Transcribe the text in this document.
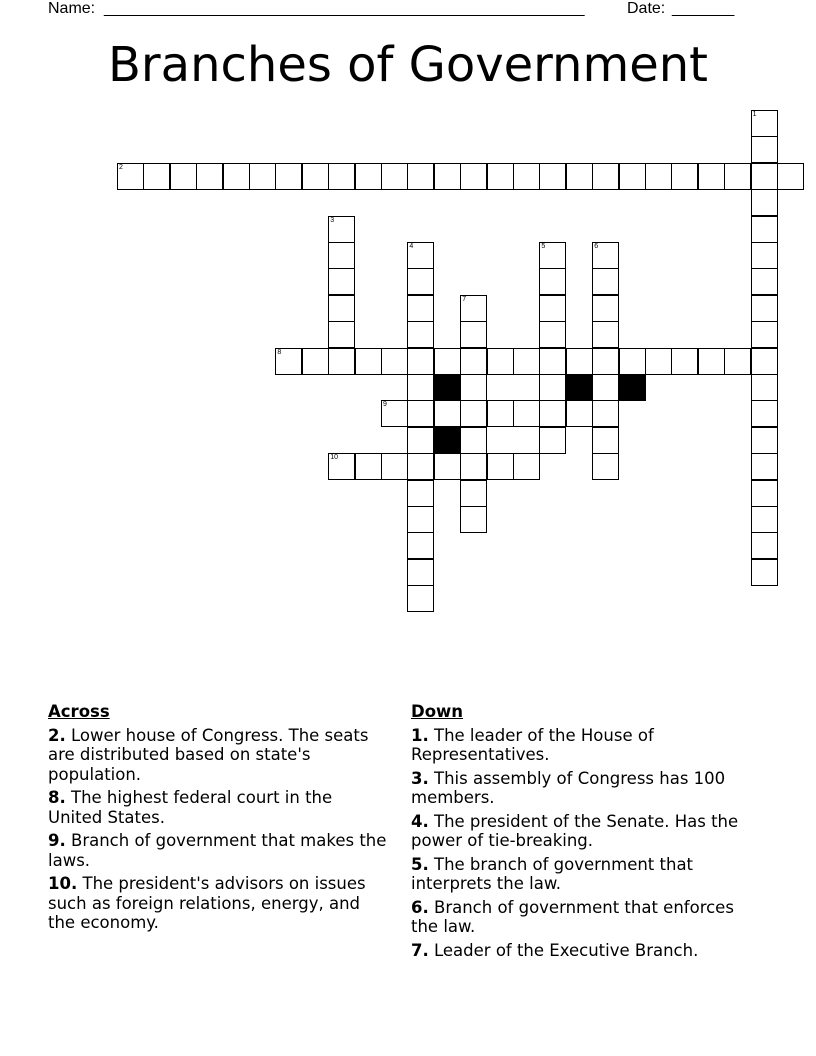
Name: ______________________________________________________	Date: _______
Branches of Government
1
2
3
4	5	6
7
8
9
10
Across
2. Lower house of Congress. The seats are distributed based on state's population.
8. The highest federal court in the United States.
9. Branch of government that makes the laws.
10. The president's advisors on issues such as foreign relations, energy, and the economy.
Down
1. The leader of the House of Representatives.
3. This assembly of Congress has 100 members.
4. The president of the Senate. Has the power of tie-breaking.
5. The branch of government that interprets the law.
6. Branch of government that enforces the law.
7. Leader of the Executive Branch.
